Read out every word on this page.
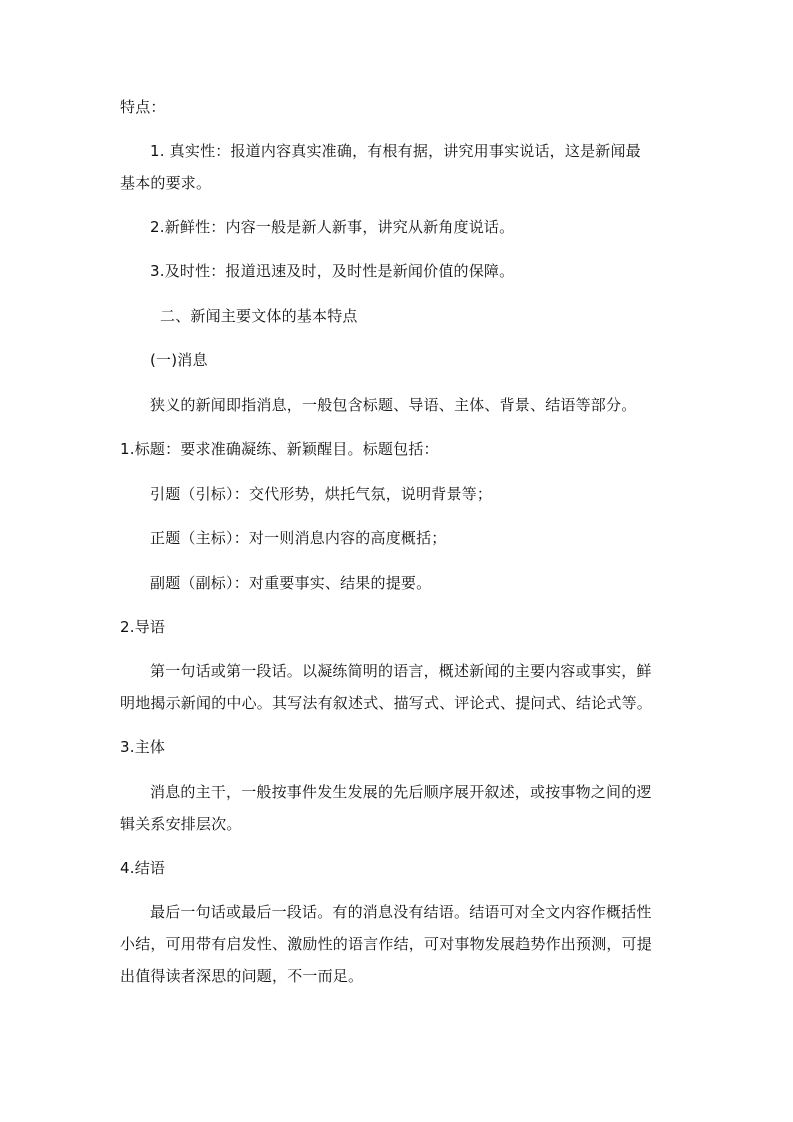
特点：
1. 真实性：报道内容真实准确，有根有据，讲究用事实说话，这是新闻最
基本的要求。
2.新鲜性：内容一般是新人新事，讲究从新角度说话。
3.及时性：报道迅速及时，及时性是新闻价值的保障。
二、新闻主要文体的基本特点
(一)消息
狭义的新闻即指消息，一般包含标题、导语、主体、背景、结语等部分。
1.标题：要求准确凝练、新颖醒目。标题包括：
引题（引标）：交代形势，烘托气氛，说明背景等；
正题（主标）：对一则消息内容的高度概括；
副题（副标）：对重要事实、结果的提要。
2.导语
第一句话或第一段话。以凝练简明的语言，概述新闻的主要内容或事实，鲜
明地揭示新闻的中心。其写法有叙述式、描写式、评论式、提问式、结论式等。
3.主体
消息的主干，一般按事件发生发展的先后顺序展开叙述，或按事物之间的逻
辑关系安排层次。
4.结语
最后一句话或最后一段话。有的消息没有结语。结语可对全文内容作概括性
小结，可用带有启发性、激励性的语言作结，可对事物发展趋势作出预测，可提
出值得读者深思的问题，不一而足。
